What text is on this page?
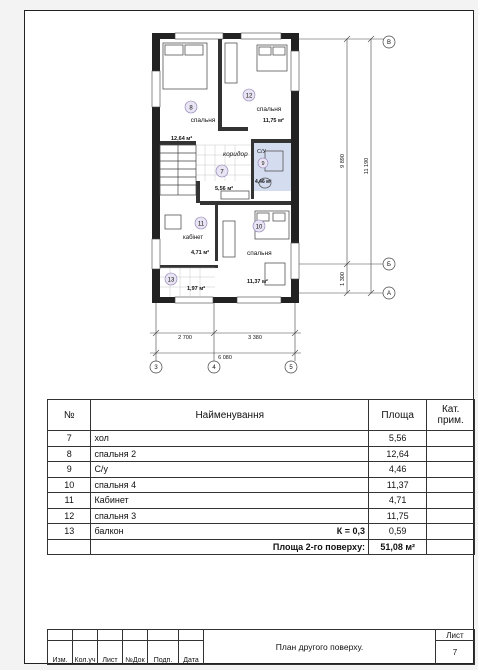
8
спальня
12,64 м²
12
спальня
11,75 м²
коридор
7
5,56 м²
С/У
9
4,46 м²
11
кабінет
4,71 м²
10
спальня
11,37 м²
13
1,97 м²
9 890	11 190
1 300
В
Б
А
2 700	3 380
6 080
3	4	5
№	Найменування	Площа	Кат. прим.
7	хол	5,56	
8	спальня 2	12,64	
9	С/у	4,46	
10	спальня 4	11,37	
11	Кабинет	4,71	
12	спальня 3	11,75	
13	балкон К = 0,3	0,59	
	Площа 2-го поверху:	51,08 м²	
						План другого поверху.	Лист
Изм.	Кол.уч	Лист	№Док	Подп.	Дата		7
